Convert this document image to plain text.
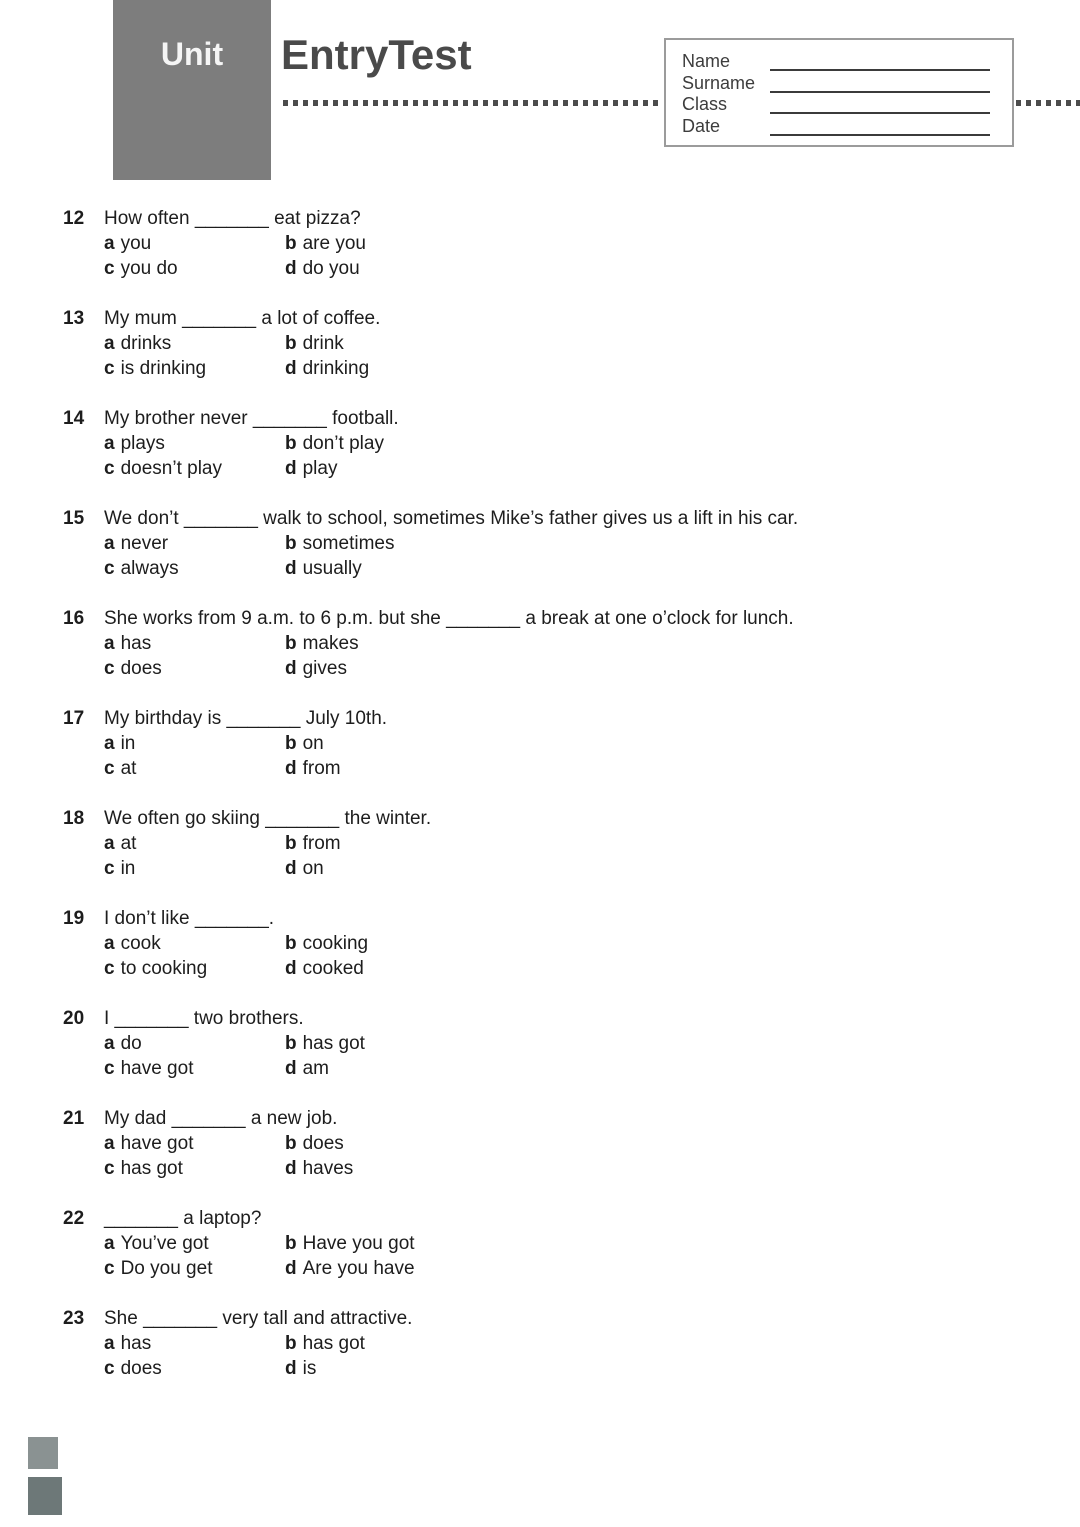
Unit	EntryTest	Name
Surname
Class
Date
12 How often _______ eat pizza?
a you	b are you
c you do	d do you
13 My mum _______ a lot of coffee.
a drinks	b drink
c is drinking	d drinking
14 My brother never _______ football.
a plays	b don’t play
c doesn’t play	d play
15 We don’t _______ walk to school, sometimes Mike’s father gives us a lift in his car.
a never	b sometimes
c always	d usually
16 She works from 9 a.m. to 6 p.m. but she _______ a break at one o’clock for lunch.
a has	b makes
c does	d gives
17 My birthday is _______ July 10th.
a in	b on
c at	d from
18 We often go skiing _______ the winter.
a at	b from
c in	d on
19 I don’t like _______.
a cook	b cooking
c to cooking	d cooked
20 I _______ two brothers.
a do	b has got
c have got	d am
21 My dad _______ a new job.
a have got	b does
c has got	d haves
22 _______ a laptop?
a You’ve got	b Have you got
c Do you get	d Are you have
23 She _______ very tall and attractive.
a has	b has got
c does	d is
